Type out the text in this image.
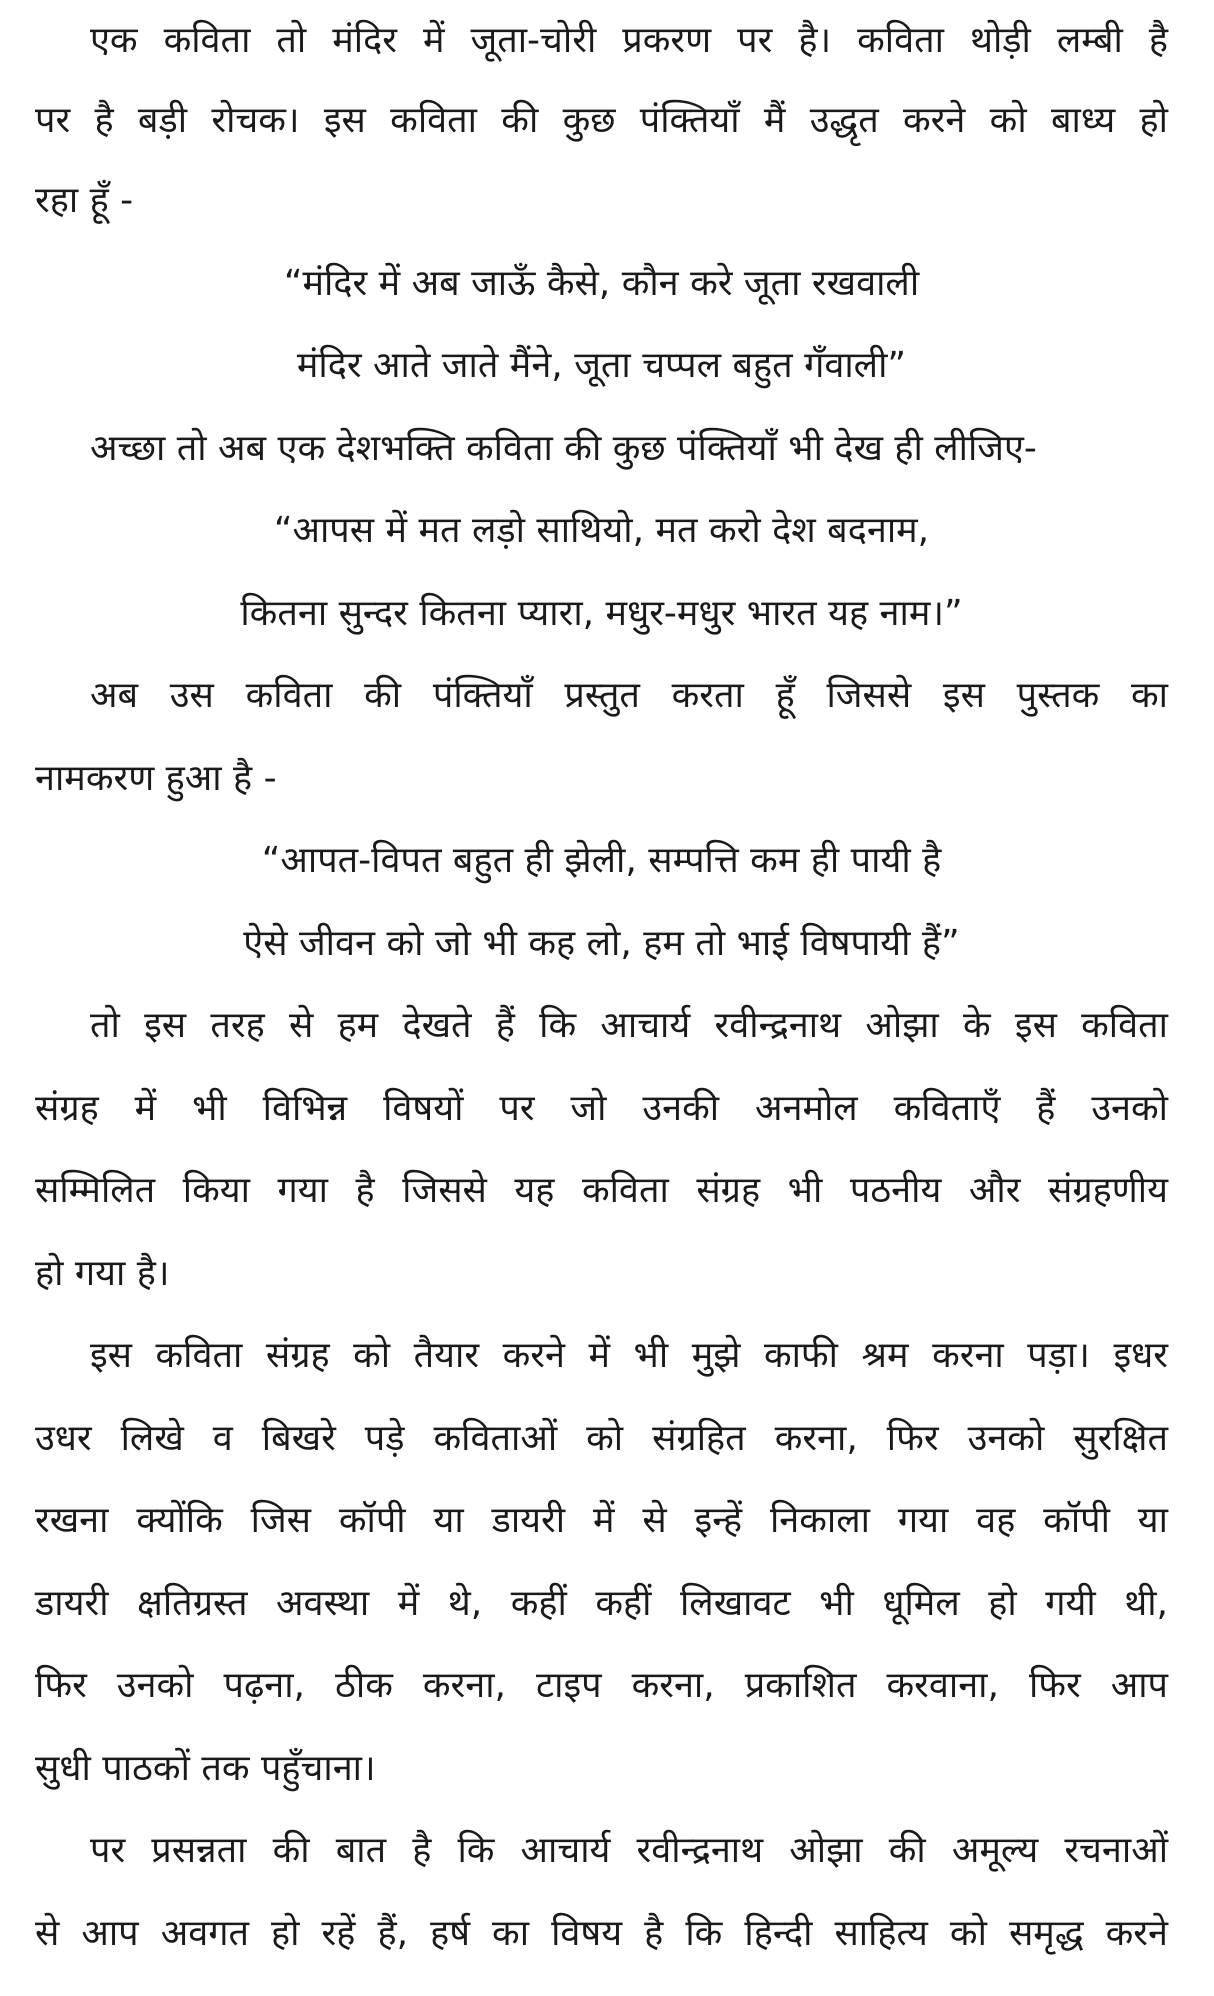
एक कविता तो मंदिर में जूता-चोरी प्रकरण पर है। कविता थोड़ी लम्बी है
पर है बड़ी रोचक। इस कविता की कुछ पंक्तियाँ मैं उद्धृत करने को बाध्य हो
रहा हूँ -
“मंदिर में अब जाऊँ कैसे, कौन करे जूता रखवाली
मंदिर आते जाते मैंने, जूता चप्पल बहुत गँवाली”
अच्छा तो अब एक देशभक्ति कविता की कुछ पंक्तियाँ भी देख ही लीजिए-
“आपस में मत लड़ो साथियो, मत करो देश बदनाम,
कितना सुन्दर कितना प्यारा, मधुर-मधुर भारत यह नाम।”
अब उस कविता की पंक्तियाँ प्रस्तुत करता हूँ जिससे इस पुस्तक का
नामकरण हुआ है -
“आपत-विपत बहुत ही झेली, सम्पत्ति कम ही पायी है
ऐसे जीवन को जो भी कह लो, हम तो भाई विषपायी हैं”
तो इस तरह से हम देखते हैं कि आचार्य रवीन्द्रनाथ ओझा के इस कविता
संग्रह में भी विभिन्न विषयों पर जो उनकी अनमोल कविताएँ हैं उनको
सम्मिलित किया गया है जिससे यह कविता संग्रह भी पठनीय और संग्रहणीय
हो गया है।
इस कविता संग्रह को तैयार करने में भी मुझे काफी श्रम करना पड़ा। इधर
उधर लिखे व बिखरे पड़े कविताओं को संग्रहित करना, फिर उनको सुरक्षित
रखना क्योंकि जिस कॉपी या डायरी में से इन्हें निकाला गया वह कॉपी या
डायरी क्षतिग्रस्त अवस्था में थे, कहीं कहीं लिखावट भी धूमिल हो गयी थी,
फिर उनको पढ़ना, ठीक करना, टाइप करना, प्रकाशित करवाना, फिर आप
सुधी पाठकों तक पहुँचाना।
पर प्रसन्नता की बात है कि आचार्य रवीन्द्रनाथ ओझा की अमूल्य रचनाओं
से आप अवगत हो रहें हैं, हर्ष का विषय है कि हिन्दी साहित्य को समृद्ध करने
